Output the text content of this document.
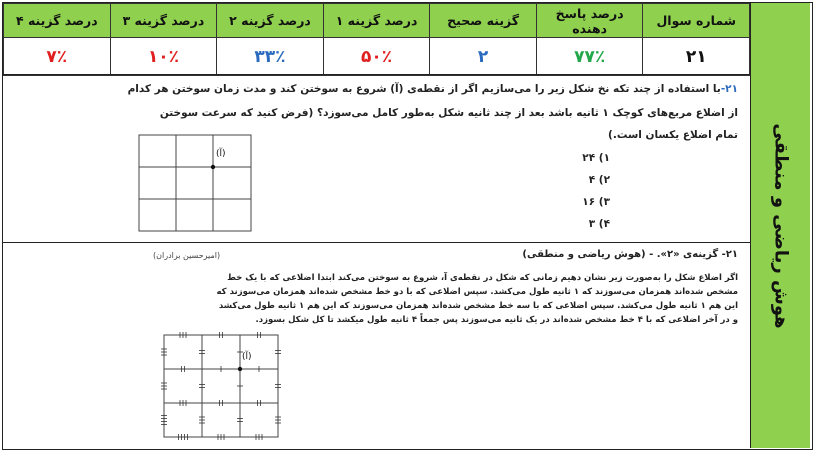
شماره سوال	درصد پاسخ دهنده	گزینه صحیح	درصد گزینه ۱	درصد گزینه ۲	درصد گزینه ۳	درصد گزینه ۴
۲۱	۷۷٪	۲	۵۰٪	۳۳٪	۱۰٪	۷٪
هوش ریاضی و منطقی
۲۱-با استفاده از چند تکه نخ شکل زیر را می‌سازیم اگر از نقطه‌ی (آ) شروع به سوختن کند و مدت زمان سوختن هر کدام
از اضلاع مربع‌های کوچک ۱ ثانیه باشد بعد از چند ثانیه شکل به‌طور کامل می‌سوزد؟ (فرض کنید که سرعت سوختن
تمام اضلاع یکسان است.)
۱) ۲۴
۲) ۴
۳) ۱۶
۴) ۳
(آ)
۲۱- گزینه‌ی «۲». - (هوش ریاضی و منطقی)
(امیرحسین برادران)
اگر اضلاع شکل را به‌صورت زیر نشان دهیم زمانی که شکل در نقطه‌ی آ، شروع به سوختن می‌کند ابتدا اضلاعی که با یک خط
مشخص شده‌اند همزمان می‌سوزند که ۱ ثانیه طول می‌کشد. سپس اضلاعی که با دو خط مشخص شده‌اند همزمان می‌سوزند که
این هم ۱ ثانیه طول می‌کشد. سپس اضلاعی که با سه خط مشخص شده‌اند همزمان می‌سوزند که این هم ۱ ثانیه طول می‌کشد
و در آخر اضلاعی که با ۴ خط مشخص شده‌اند در یک ثانیه می‌سوزند پس جمعاً ۴ ثانیه طول میکشد تا کل شکل بسوزد.
(آ)
